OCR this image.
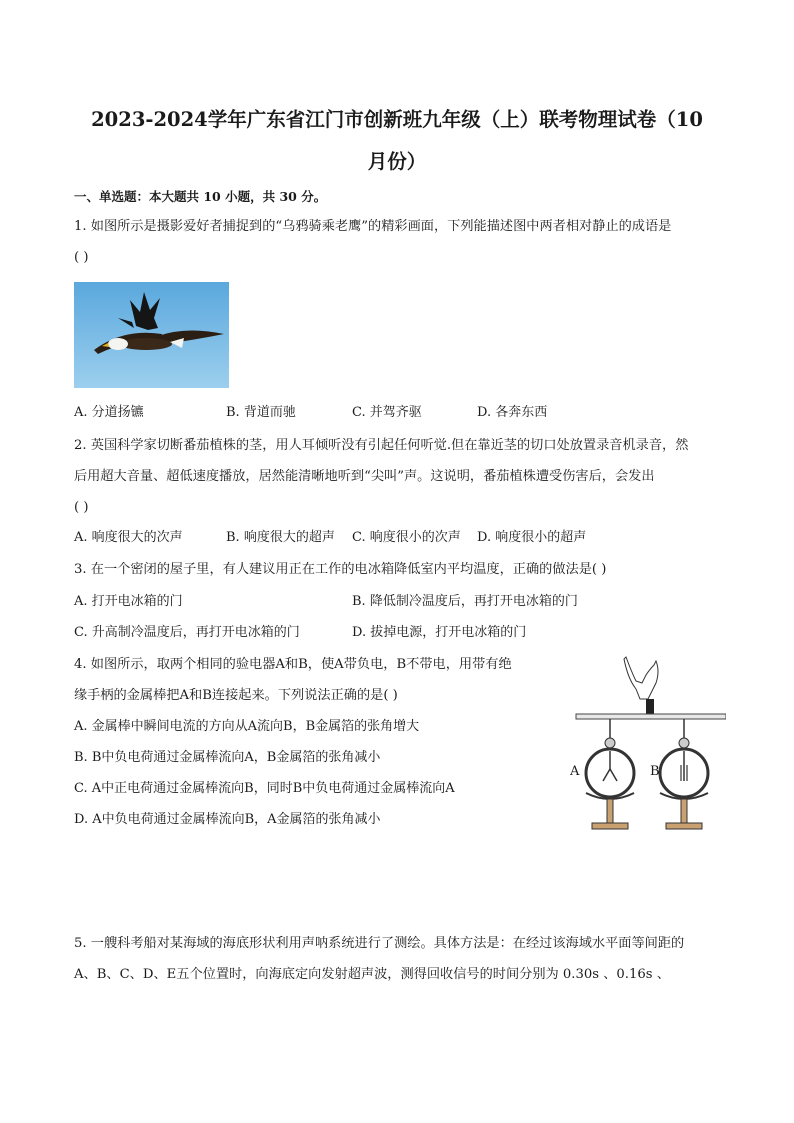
2023-2024学年广东省江门市创新班九年级（上）联考物理试卷（10
月份）
一、单选题：本大题共 10 小题，共 30 分。
1. 如图所示是摄影爱好者捕捉到的“乌鸦骑乘老鹰”的精彩画面，下列能描述图中两者相对静止的成语是
( )
A. 分道扬镳	B. 背道而驰	C. 并驾齐驱	D. 各奔东西
2. 英国科学家切断番茄植株的茎，用人耳倾听没有引起任何听觉.但在靠近茎的切口处放置录音机录音，然
后用超大音量、超低速度播放，居然能清晰地听到“尖叫”声。这说明，番茄植株遭受伤害后，会发出
( )
A. 响度很大的次声	B. 响度很大的超声 C. 响度很小的次声 D. 响度很小的超声
3. 在一个密闭的屋子里，有人建议用正在工作的电冰箱降低室内平均温度，正确的做法是( )
A. 打开电冰箱的门	B. 降低制冷温度后，再打开电冰箱的门
C. 升高制冷温度后，再打开电冰箱的门	D. 拔掉电源，打开电冰箱的门
4. 如图所示，取两个相同的验电器A和B，使A带负电，B不带电，用带有绝
缘手柄的金属棒把A和B连接起来。下列说法正确的是( )
A. 金属棒中瞬间电流的方向从A流向B，B金属箔的张角增大
B. B中负电荷通过金属棒流向A，B金属箔的张角减小
C. A中正电荷通过金属棒流向B，同时B中负电荷通过金属棒流向A
D. A中负电荷通过金属棒流向B，A金属箔的张角减小
A	B
5. 一艘科考船对某海域的海底形状利用声呐系统进行了测绘。具体方法是：在经过该海域水平面等间距的
A、B、C、D、E五个位置时，向海底定向发射超声波，测得回收信号的时间分别为 0.30s 、0.16s 、
